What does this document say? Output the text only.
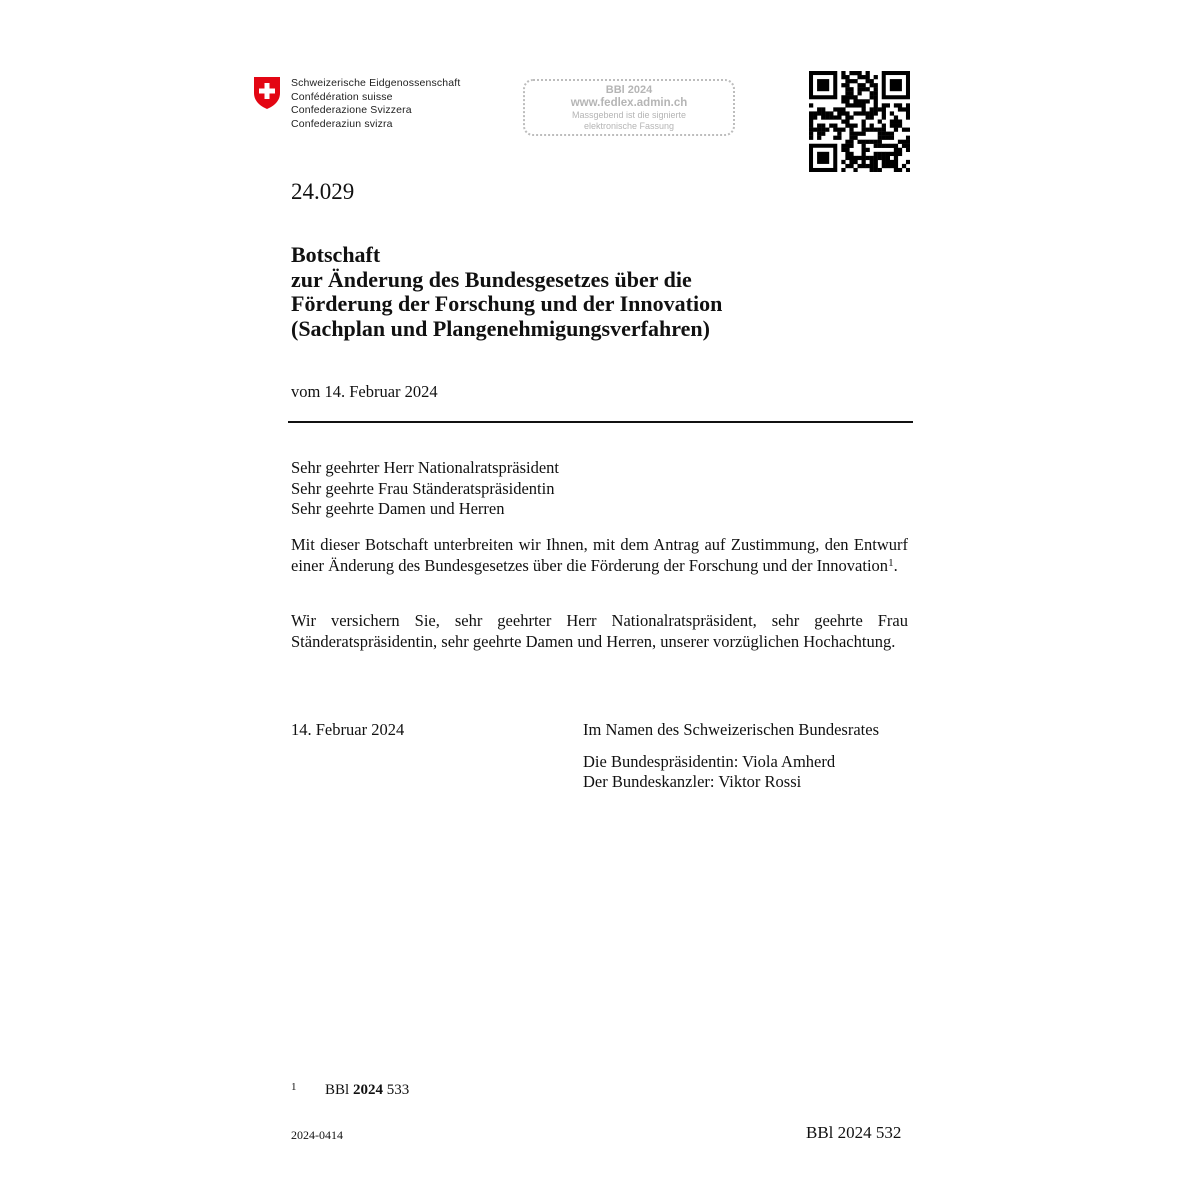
Schweizerische Eidgenossenschaft
Confédération suisse
Confederazione Svizzera
Confederaziun svizra
BBl 2024
www.fedlex.admin.ch
Massgebend ist die signierte
elektronische Fassung
24.029
Botschaft
zur Änderung des Bundesgesetzes über die
Förderung der Forschung und der Innovation
(Sachplan und Plangenehmigungsverfahren)
vom 14. Februar 2024
Sehr geehrter Herr Nationalratspräsident
Sehr geehrte Frau Ständeratspräsidentin
Sehr geehrte Damen und Herren
Mit dieser Botschaft unterbreiten wir Ihnen, mit dem Antrag auf Zustimmung, den Entwurf einer Änderung des Bundesgesetzes über die Förderung der Forschung und der Innovation$^1$.
Wir versichern Sie, sehr geehrter Herr Nationalratspräsident, sehr geehrte Frau Ständeratspräsidentin, sehr geehrte Damen und Herren, unserer vorzüglichen Hochachtung.
14. Februar 2024	Im Namen des Schweizerischen Bundesrates
Die Bundespräsidentin: Viola Amherd
Der Bundeskanzler: Viktor Rossi
1 BBl 2024 533
2024-0414	BBl 2024 532
